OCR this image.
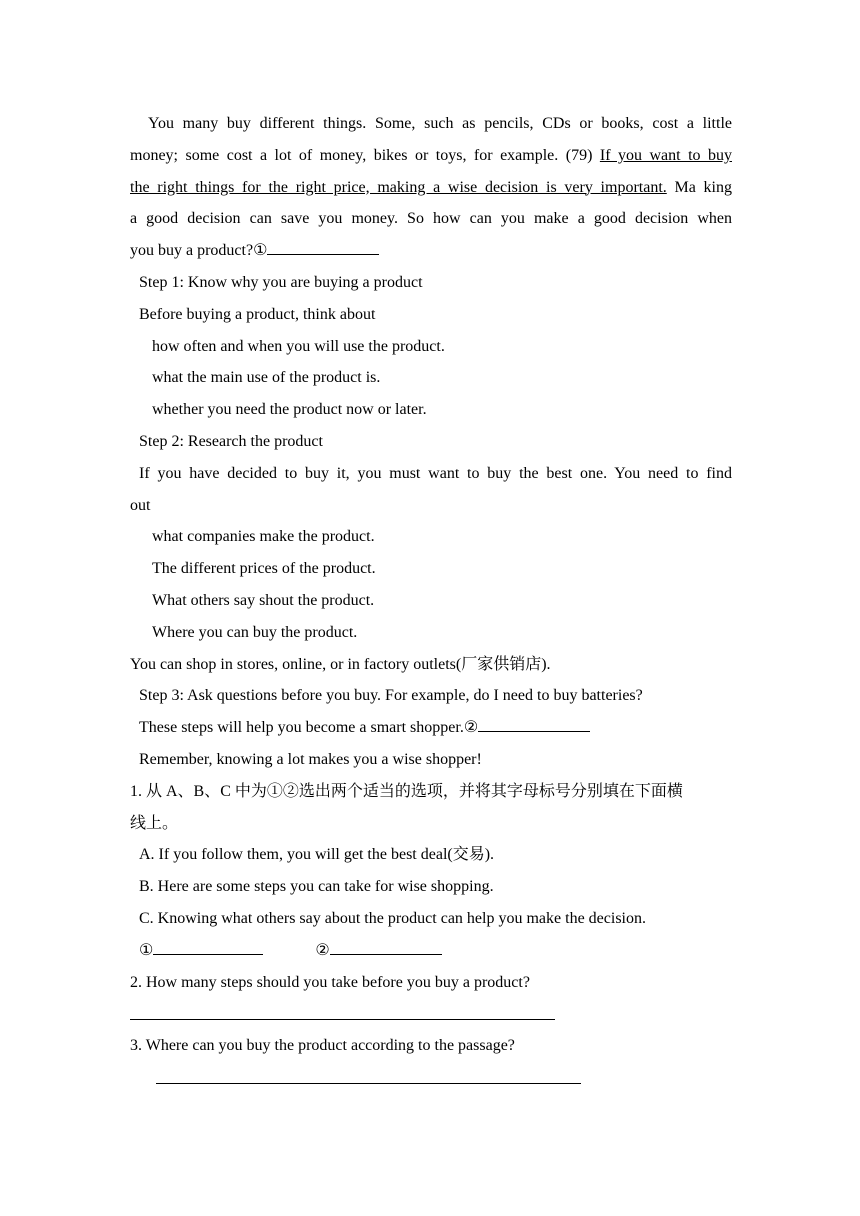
You many buy different things. Some, such as pencils, CDs or books, cost a little
money; some cost a lot of money, bikes or toys, for example. (79) If you want to buy
the right things for the right price, making a wise decision is very important. Ma king
a good decision can save you money. So how can you make a good decision when
you buy a product?①
Step 1: Know why you are buying a product
Before buying a product, think about
how often and when you will use the product.
what the main use of the product is.
whether you need the product now or later.
Step 2: Research the product
If you have decided to buy it, you must want to buy the best one. You need to find
out
what companies make the product.
The different prices of the product.
What others say shout the product.
Where you can buy the product.
You can shop in stores, online, or in factory outlets(厂家供销店).
Step 3: Ask questions before you buy. For example, do I need to buy batteries?
These steps will help you become a smart shopper.②
Remember, knowing a lot makes you a wise shopper!
1. 从 A、B、C 中为①②选出两个适当的选项，并将其字母标号分别填在下面横
线上。
A. If you follow them, you will get the best deal(交易).
B. Here are some steps you can take for wise shopping.
C. Knowing what others say about the product can help you make the decision.
①	②
2. How many steps should you take before you buy a product?
3. Where can you buy the product according to the passage?
